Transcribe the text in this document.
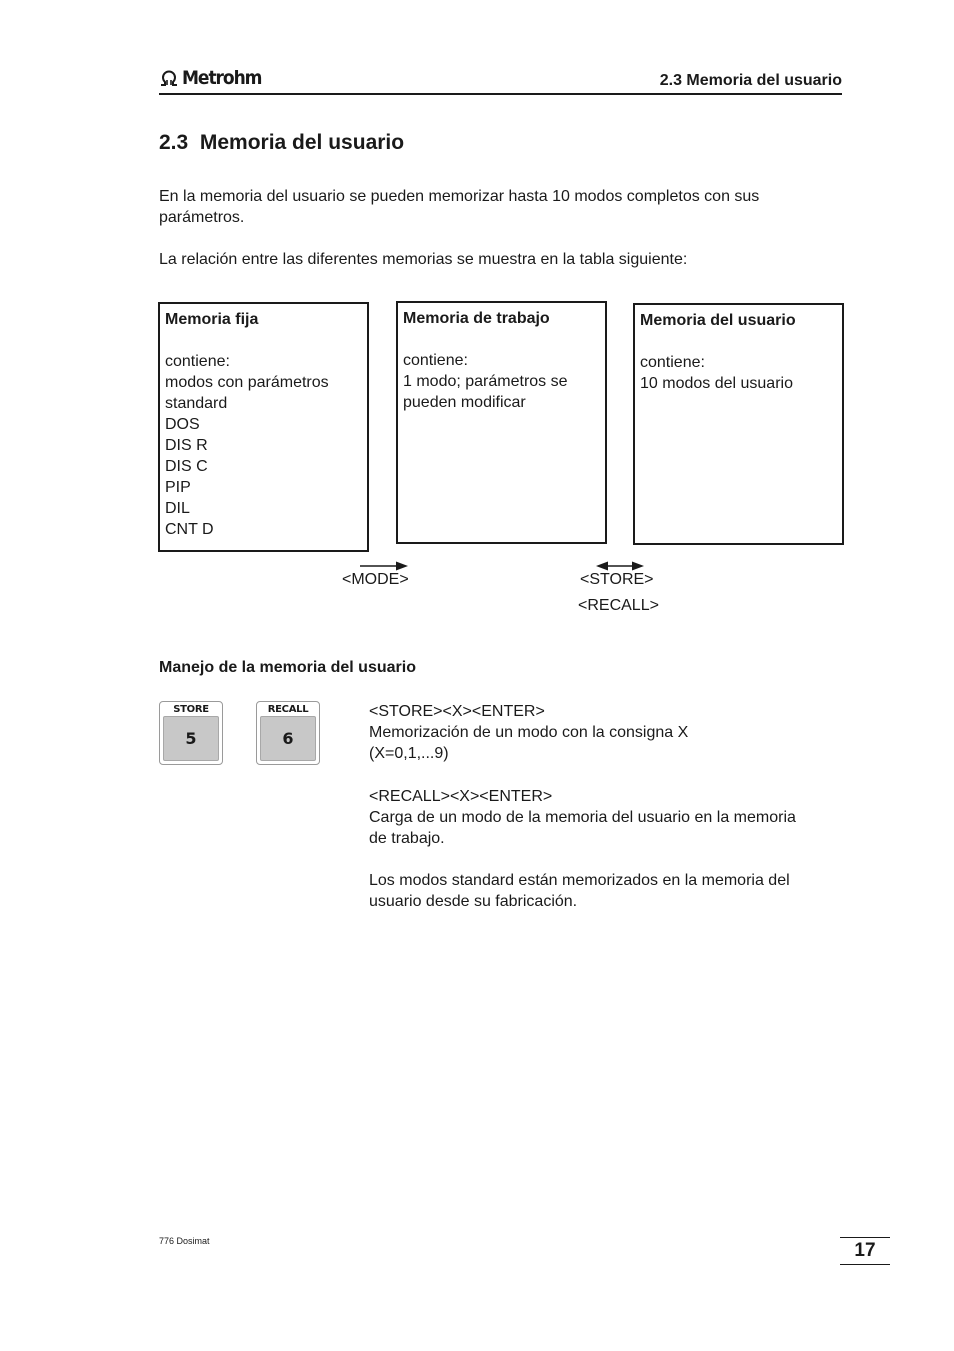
Metrohm	2.3 Memoria del usuario
2.3  Memoria del usuario
En la memoria del usuario se pueden memorizar hasta 10 modos completos con sus
parámetros.
La relación entre las diferentes memorias se muestra en la tabla siguiente:
Memoria fija
contiene:
modos con parámetros
standard
DOS
DIS R
DIS C
PIP
DIL
CNT D
Memoria de trabajo
contiene:
1 modo; parámetros se
pueden modificar
Memoria del usuario
contiene:
10 modos del usuario
<MODE>	<STORE>
<RECALL>
Manejo de la memoria del usuario
STORE
5
RECALL
6
<STORE><X><ENTER>
Memorización de un modo con la consigna X
(X=0,1,...9)
<RECALL><X><ENTER>
Carga de un modo de la memoria del usuario en la memoria
de trabajo.
Los modos standard están memorizados en la memoria del
usuario desde su fabricación.
776 Dosimat	17
